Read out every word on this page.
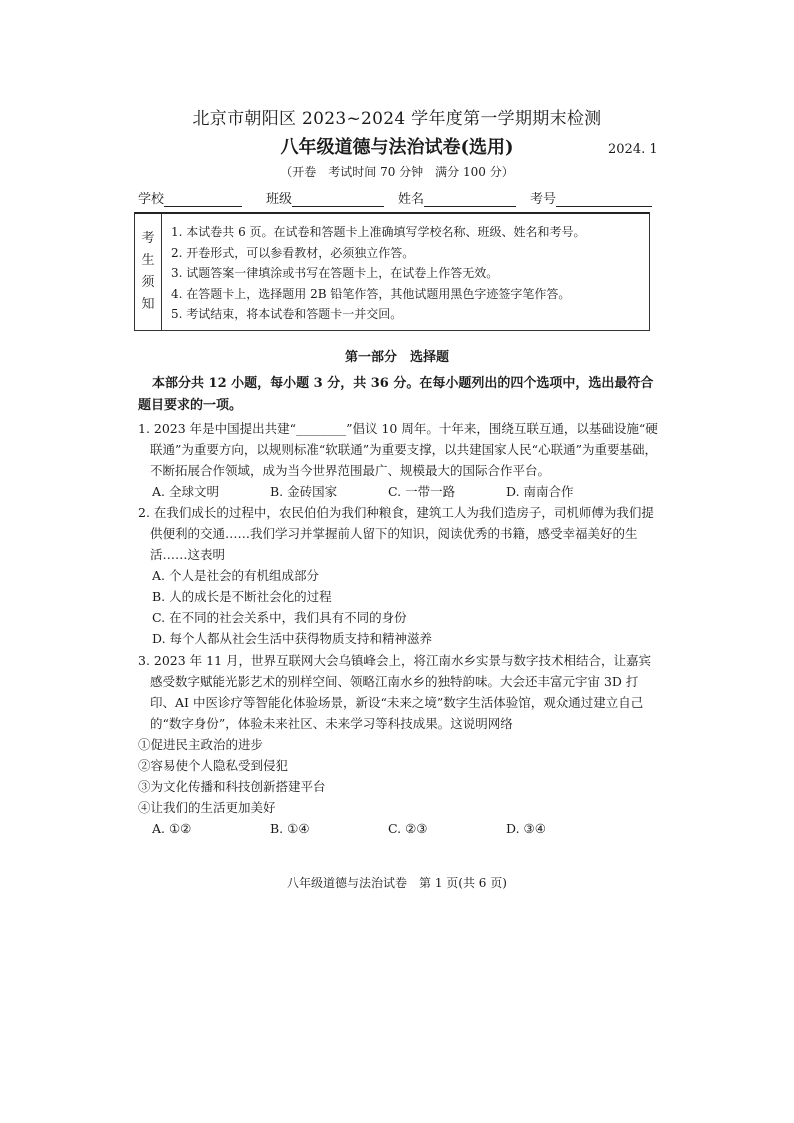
北京市朝阳区 2023~2024 学年度第一学期期末检测
八年级道德与法治试卷(选用)	2024. 1
（开卷　考试时间 70 分钟　满分 100 分）
学校	班级	姓名	考号
考
生
须
知
1. 本试卷共 6 页。在试卷和答题卡上准确填写学校名称、班级、姓名和考号。
2. 开卷形式，可以参看教材，必须独立作答。
3. 试题答案一律填涂或书写在答题卡上，在试卷上作答无效。
4. 在答题卡上，选择题用 2B 铅笔作答，其他试题用黑色字迹签字笔作答。
5. 考试结束，将本试卷和答题卡一并交回。
第一部分　选择题
本部分共 12 小题，每小题 3 分，共 36 分。在每小题列出的四个选项中，选出最符合题目要求的一项。
1. 2023 年是中国提出共建“________”倡议 10 周年。十年来，围绕互联互通，以基础设施“硬联通”为重要方向，以规则标准“软联通”为重要支撑，以共建国家人民“心联通”为重要基础，不断拓展合作领域，成为当今世界范围最广、规模最大的国际合作平台。
A. 全球文明	B. 金砖国家	C. 一带一路	D. 南南合作
2. 在我们成长的过程中，农民伯伯为我们种粮食，建筑工人为我们造房子，司机师傅为我们提供便利的交通……我们学习并掌握前人留下的知识，阅读优秀的书籍，感受幸福美好的生活……这表明
A. 个人是社会的有机组成部分
B. 人的成长是不断社会化的过程
C. 在不同的社会关系中，我们具有不同的身份
D. 每个人都从社会生活中获得物质支持和精神滋养
3. 2023 年 11 月，世界互联网大会乌镇峰会上，将江南水乡实景与数字技术相结合，让嘉宾感受数字赋能光影艺术的别样空间、领略江南水乡的独特韵味。大会还丰富元宇宙 3D 打印、AI 中医诊疗等智能化体验场景，新设“未来之境”数字生活体验馆，观众通过建立自己的“数字身份”，体验未来社区、未来学习等科技成果。这说明网络
①促进民主政治的进步
②容易使个人隐私受到侵犯
③为文化传播和科技创新搭建平台
④让我们的生活更加美好
A. ①②	B. ①④	C. ②③	D. ③④
八年级道德与法治试卷　第 1 页(共 6 页)
